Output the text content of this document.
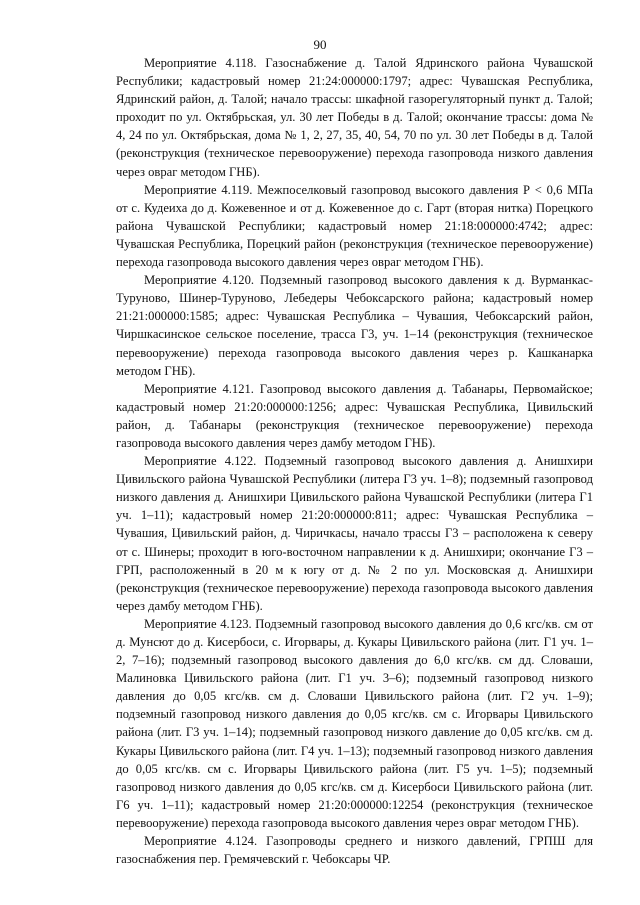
90

Мероприятие 4.118. Газоснабжение д. Талой Ядринского района Чувашской Республики; кадастровый номер 21:24:000000:1797; адрес: Чувашская Республика, Ядринский район, д. Талой; начало трассы: шкафной газорегуляторный пункт д. Талой; проходит по ул. Октябрьская, ул. 30 лет Победы в д. Талой; окончание трассы: дома № 4, 24 по ул. Октябрьская, дома № 1, 2, 27, 35, 40, 54, 70 по ул. 30 лет Победы в д. Талой (реконструкция (техническое перевооружение) перехода газопровода низкого давления через овраг методом ГНБ).

Мероприятие 4.119. Межпоселковый газопровод высокого давления Р < 0,6 МПа от с. Кудеиха до д. Кожевенное и от д. Кожевенное до с. Гарт (вторая нитка) Порецкого района Чувашской Республики; кадастровый номер 21:18:000000:4742; адрес: Чувашская Республика, Порецкий район (реконструкция (техническое перевооружение) перехода газопровода высокого давления через овраг методом ГНБ).

Мероприятие 4.120. Подземный газопровод высокого давления к д. Вурманкас-Туруново, Шинер-Туруново, Лебедеры Чебоксарского района; кадастровый номер 21:21:000000:1585; адрес: Чувашская Республика – Чувашия, Чебоксарский район, Чиршкасинское сельское поселение, трасса Г3, уч. 1–14 (реконструкция (техническое перевооружение) перехода газопровода высокого давления через р. Кашканарка методом ГНБ).

Мероприятие 4.121. Газопровод высокого давления д. Табанары, Первомайское; кадастровый номер 21:20:000000:1256; адрес: Чувашская Республика, Цивильский район, д. Табанары (реконструкция (техническое перевооружение) перехода газопровода высокого давления через дамбу методом ГНБ).

Мероприятие 4.122. Подземный газопровод высокого давления д. Анишхири Цивильского района Чувашской Республики (литера Г3 уч. 1–8); подземный газопровод низкого давления д. Анишхири Цивильского района Чувашской Республики (литера Г1 уч. 1–11); кадастровый номер 21:20:000000:811; адрес: Чувашская Республика – Чувашия, Цивильский район, д. Чиричкасы, начало трассы Г3 – расположена к северу от с. Шинеры; проходит в юго-восточном направлении к д. Анишхири; окончание Г3 – ГРП, расположенный в 20 м к югу от д. № 2 по ул. Московская д. Анишхири (реконструкция (техническое перевооружение) перехода газопровода высокого давления через дамбу методом ГНБ).

Мероприятие 4.123. Подземный газопровод высокого давления до 0,6 кгс/кв. см от д. Мунсют до д. Кисербоси, с. Игорвары, д. Кукары Цивильского района (лит. Г1 уч. 1–2, 7–16); подземный газопровод высокого давления до 6,0 кгс/кв. см дд. Словаши, Малиновка Цивильского района (лит. Г1 уч. 3–6); подземный газопровод низкого давления до 0,05 кгс/кв. см д. Словаши Цивильского района (лит. Г2 уч. 1–9); подземный газопровод низкого давления до 0,05 кгс/кв. см с. Игорвары Цивильского района (лит. Г3 уч. 1–14); подземный газопровод низкого давление до 0,05 кгс/кв. см д. Кукары Цивильского района (лит. Г4 уч. 1–13); подземный газопровод низкого давления до 0,05 кгс/кв. см с. Игорвары Цивильского района (лит. Г5 уч. 1–5); подземный газопровод низкого давления до 0,05 кгс/кв. см д. Кисербоси Цивильского района (лит. Г6 уч. 1–11); кадастровый номер 21:20:000000:12254 (реконструкция (техническое перевооружение) перехода газопровода высокого давления через овраг методом ГНБ).

Мероприятие 4.124. Газопроводы среднего и низкого давлений, ГРПШ для газоснабжения пер. Гремячевский г. Чебоксары ЧР.
